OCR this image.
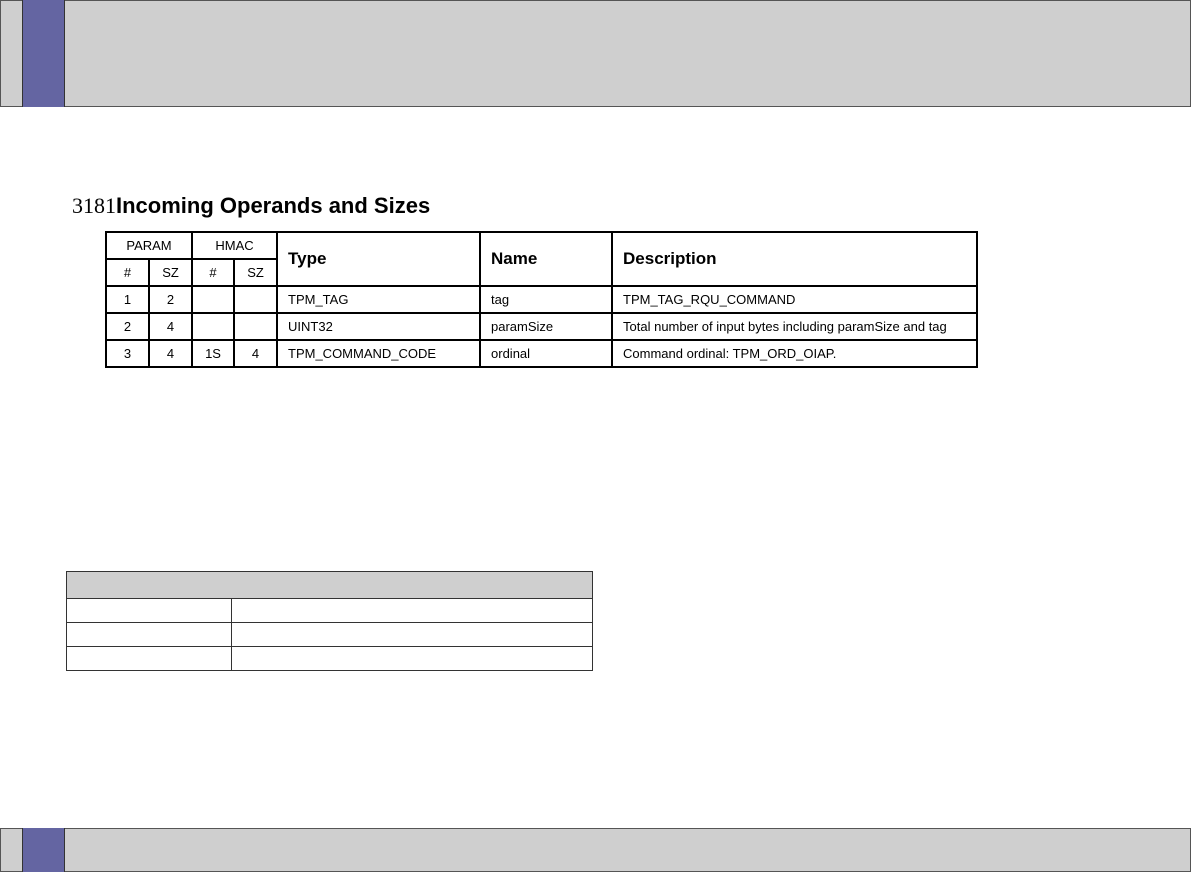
3181Incoming Operands and Sizes
PARAM		HMAC		Type	Name	Description
#	SZ	#	SZ			
1	2			TPM_TAG	tag	TPM_TAG_RQU_COMMAND
2	4			UINT32	paramSize	Total number of input bytes including paramSize and tag
3	4	1S	4	TPM_COMMAND_CODE	ordinal	Command ordinal: TPM_ORD_OIAP.
